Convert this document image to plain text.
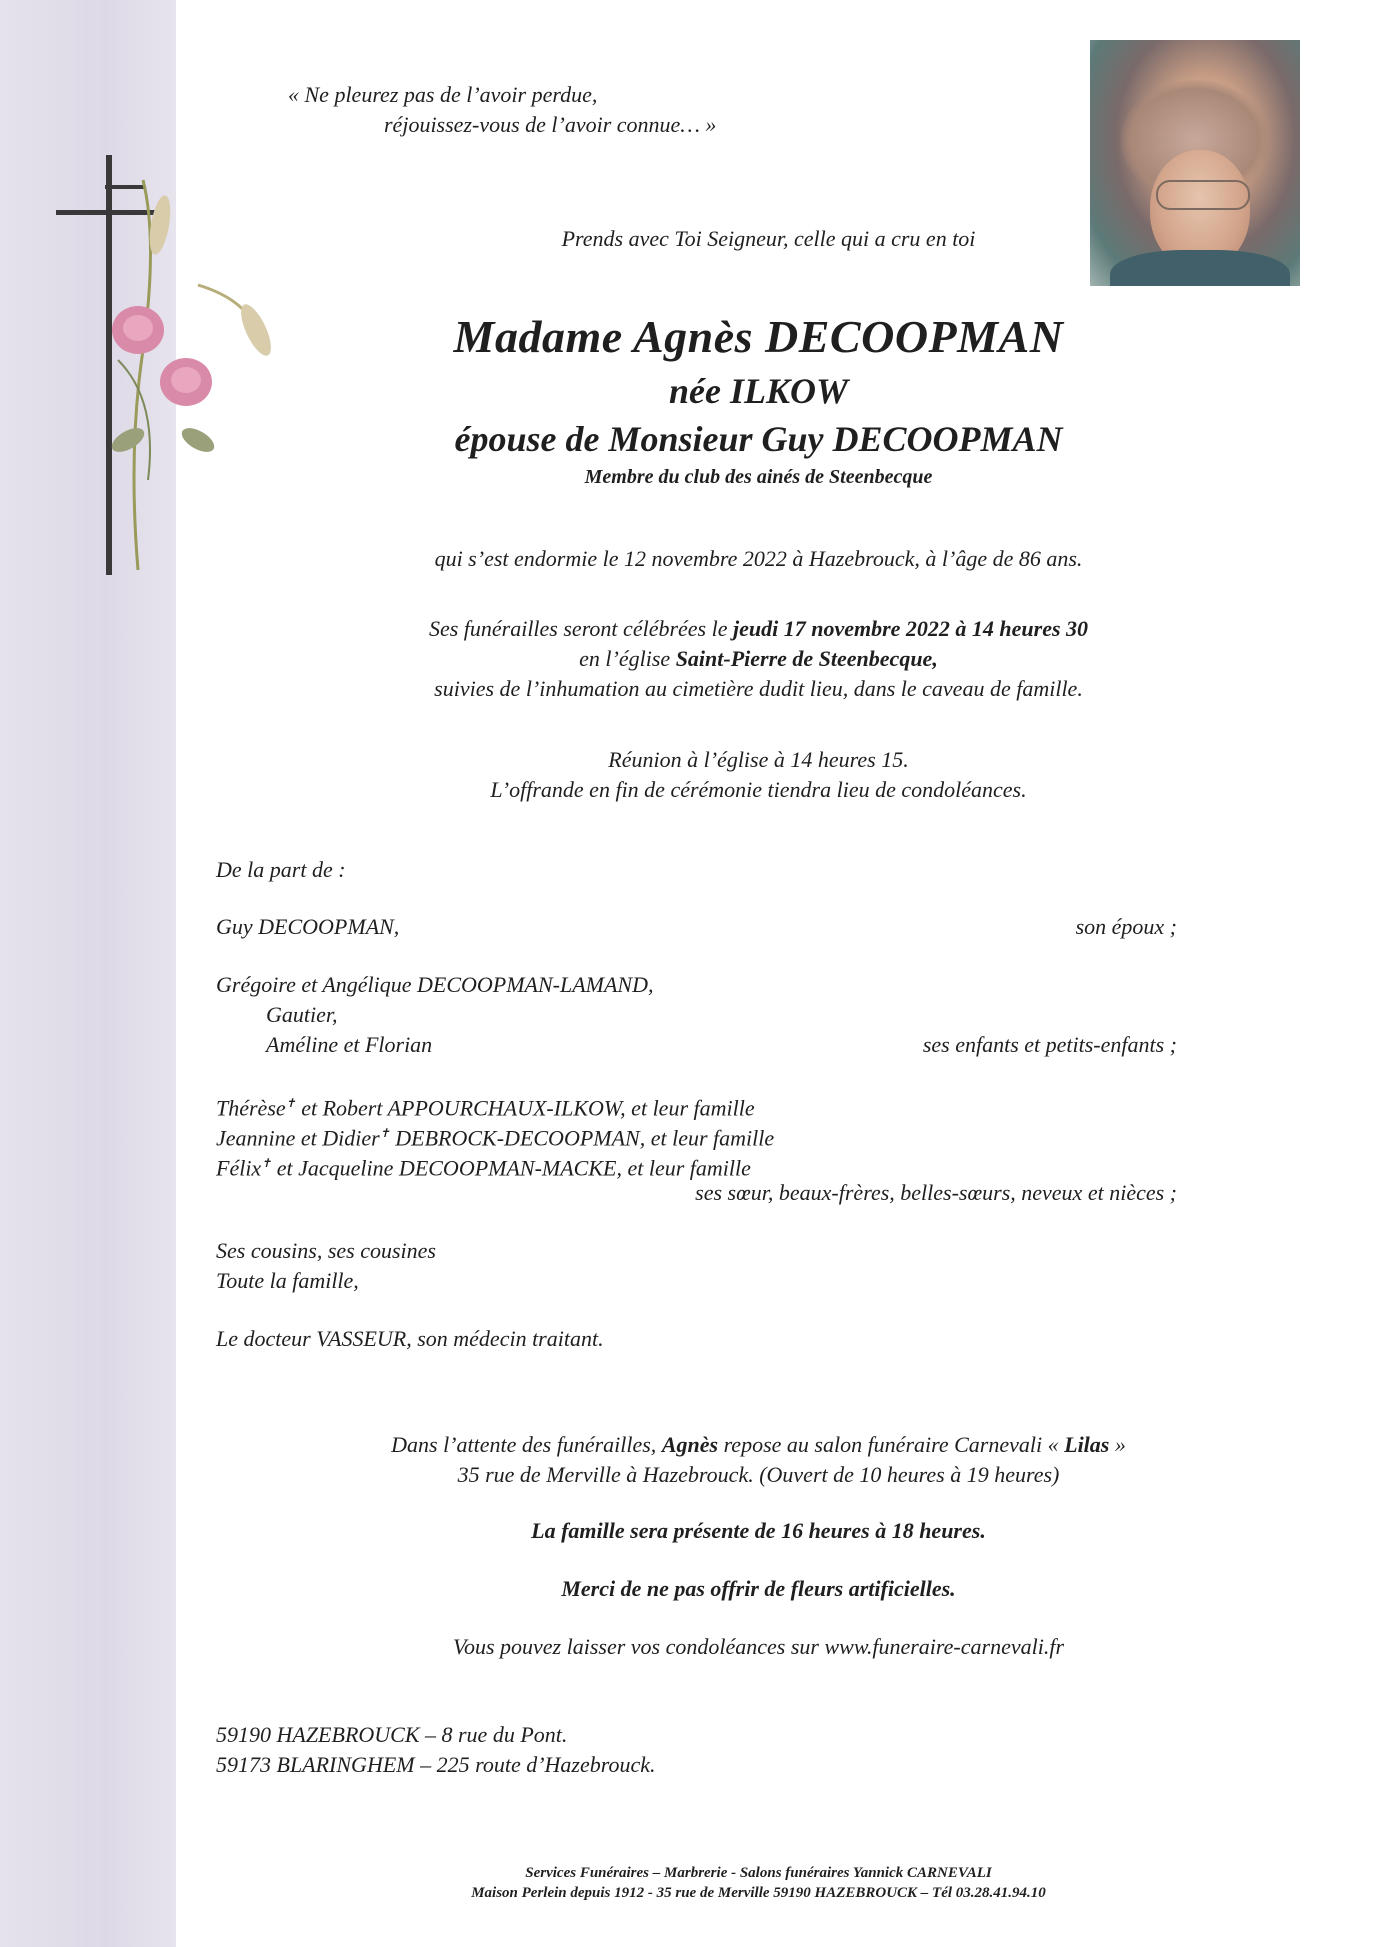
« Ne pleurez pas de l’avoir perdue,
réjouissez-vous de l’avoir connue… »
Prends avec Toi Seigneur, celle qui a cru en toi
Madame Agnès DECOOPMAN
née ILKOW
épouse de Monsieur Guy DECOOPMAN
Membre du club des ainés de Steenbecque
qui s’est endormie le 12 novembre 2022 à Hazebrouck, à l’âge de 86 ans.
Ses funérailles seront célébrées le jeudi 17 novembre 2022 à 14 heures 30
en l’église Saint-Pierre de Steenbecque,
suivies de l’inhumation au cimetière dudit lieu, dans le caveau de famille.
Réunion à l’église à 14 heures 15.
L’offrande en fin de cérémonie tiendra lieu de condoléances.
De la part de :
Guy DECOOPMAN,	son époux ;
Grégoire et Angélique DECOOPMAN-LAMAND,
Gautier,
Améline et Florian	ses enfants et petits-enfants ;
Thérèse✝ et Robert APPOURCHAUX-ILKOW, et leur famille
Jeannine et Didier✝ DEBROCK-DECOOPMAN, et leur famille
Félix✝ et Jacqueline DECOOPMAN-MACKE, et leur famille
ses sœur, beaux-frères, belles-sœurs, neveux et nièces ;
Ses cousins, ses cousines
Toute la famille,
Le docteur VASSEUR, son médecin traitant.
Dans l’attente des funérailles, Agnès repose au salon funéraire Carnevali « Lilas »
35 rue de Merville à Hazebrouck. (Ouvert de 10 heures à 19 heures)
La famille sera présente de 16 heures à 18 heures.
Merci de ne pas offrir de fleurs artificielles.
Vous pouvez laisser vos condoléances sur www.funeraire-carnevali.fr
59190 HAZEBROUCK – 8 rue du Pont.
59173 BLARINGHEM – 225 route d’Hazebrouck.
Services Funéraires – Marbrerie - Salons funéraires Yannick CARNEVALI
Maison Perlein depuis 1912 - 35 rue de Merville 59190 HAZEBROUCK – Tél 03.28.41.94.10
